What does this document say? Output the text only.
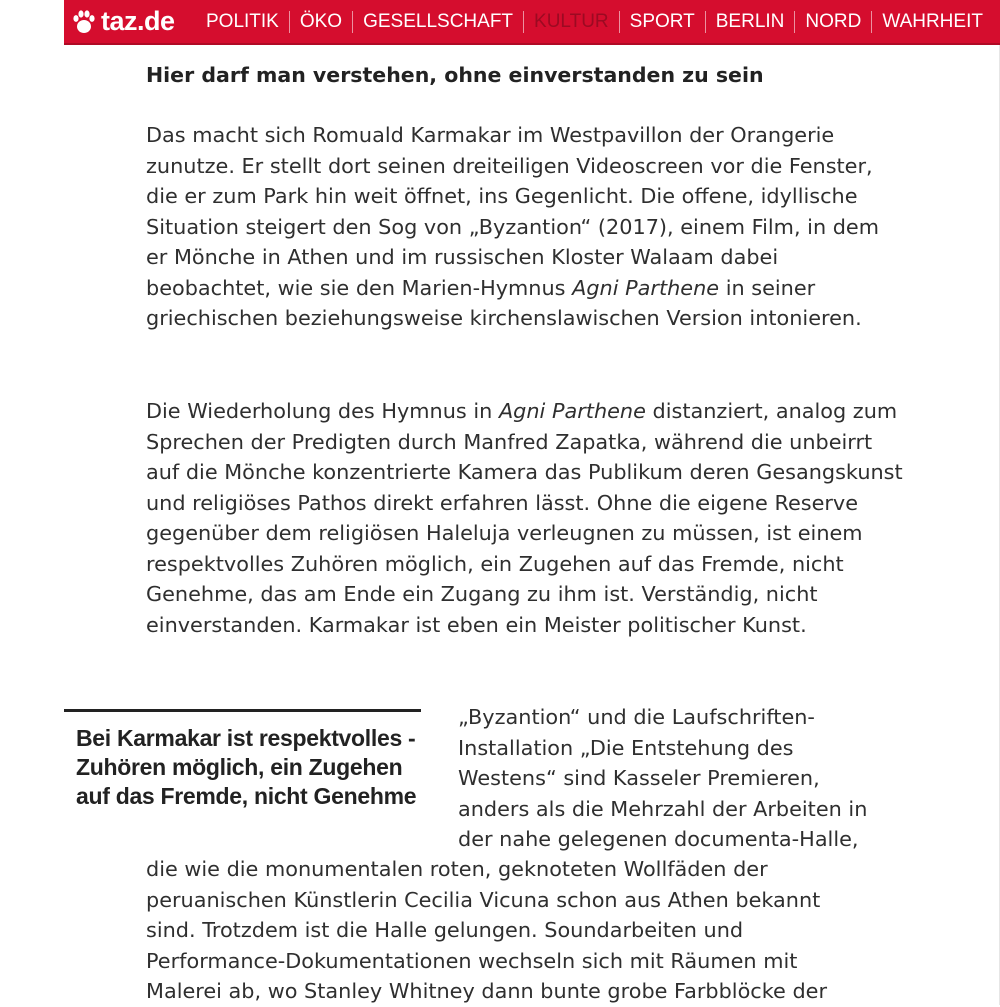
taz.de	POLITIK	ÖKO	GESELLSCHAFT	KULTUR	SPORT	BERLIN	NORD	WAHRHEIT
Hier darf man verstehen, ohne einverstanden zu sein

Das macht sich Romuald Karmakar im Westpavillon der Orangerie zunutze. Er stellt dort seinen dreiteiligen Videoscreen vor die Fenster, die er zum Park hin weit öffnet, ins Gegenlicht. Die offene, idyllische Situation steigert den Sog von „Byzantion“ (2017), einem Film, in dem er Mönche in Athen und im russischen Kloster Walaam dabei beobachtet, wie sie den Marien-Hymnus Agni Parthene in seiner griechischen beziehungsweise kirchenslawischen Version intonieren.

Die Wiederholung des Hymnus in Agni Parthene distanziert, analog zum Sprechen der Predigten durch Manfred Zapatka, während die unbeirrt auf die Mönche konzentrierte Kamera das Publikum deren Gesangskunst und religiöses Pathos direkt erfahren lässt. Ohne die eigene Reserve gegenüber dem religiösen Haleluja verleugnen zu müssen, ist einem respektvolles Zuhören möglich, ein Zugehen auf das Fremde, nicht Genehme, das am Ende ein Zugang zu ihm ist. Verständig, nicht einverstanden. Karmakar ist eben ein Meister politischer Kunst.

Bei Karmakar ist respektvolles -
Zuhören möglich, ein Zugehen
auf das Fremde, nicht Genehme

„Byzantion“ und die Laufschriften-
Installation „Die Entstehung des
Westens“ sind Kasseler Premieren,
anders als die Mehrzahl der Arbeiten in
der nahe gelegenen documenta-Halle,

die wie die monumentalen roten, geknoteten Wollfäden der
peruanischen Künstlerin Cecilia Vicuna schon aus Athen bekannt
sind. Trotzdem ist die Halle gelungen. Soundarbeiten und
Performance-Dokumentationen wechseln sich mit Räumen mit
Malerei ab, wo Stanley Whitney dann bunte grobe Farbblöcke der
